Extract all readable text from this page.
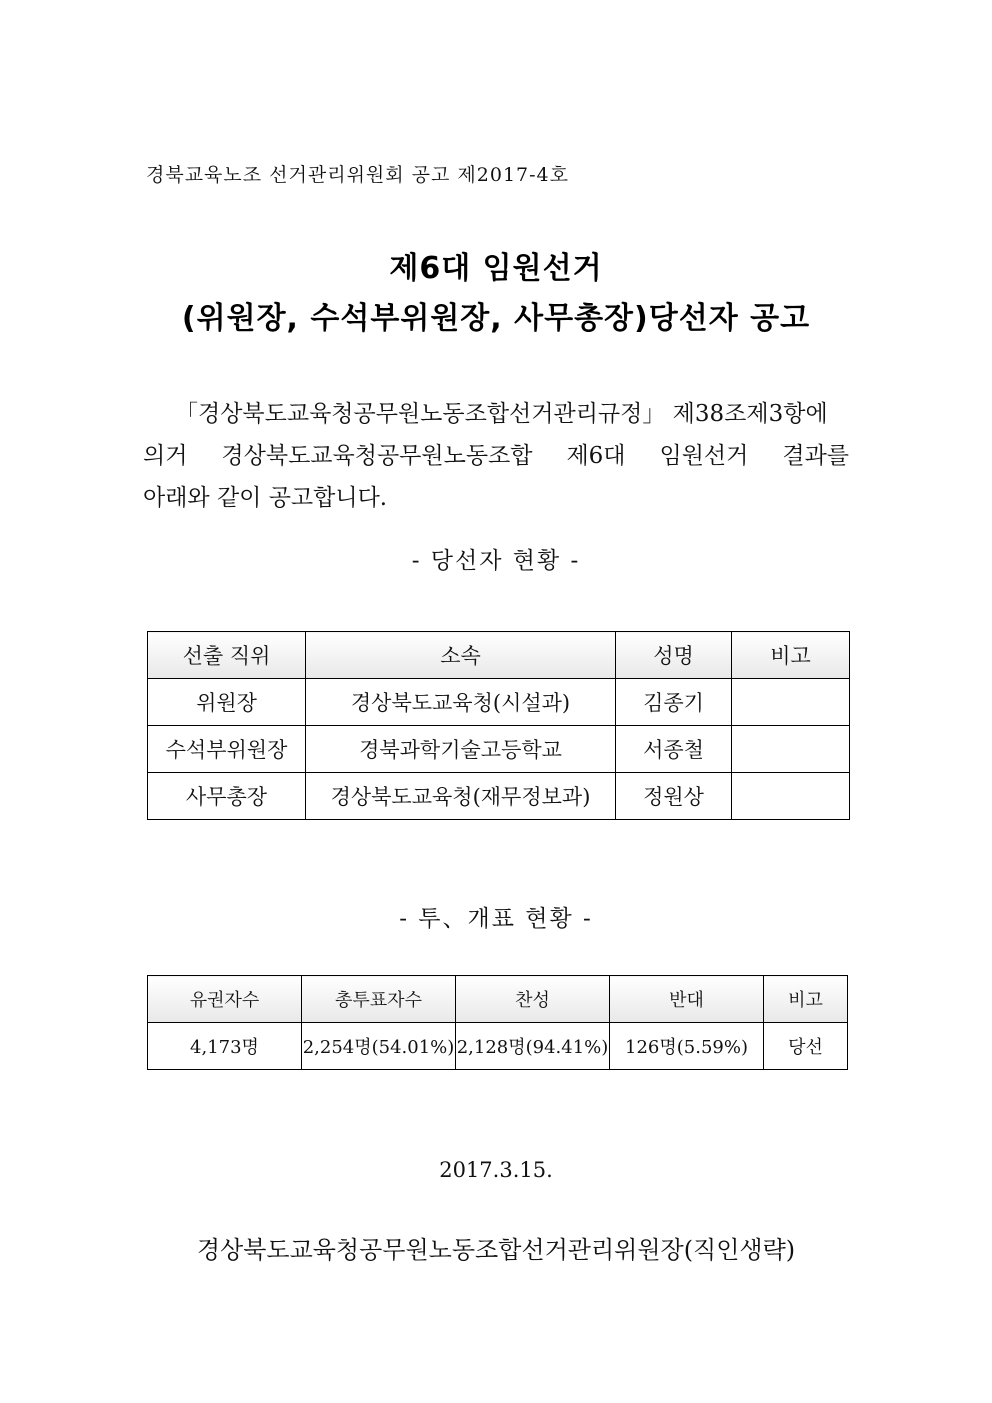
경북교육노조 선거관리위원회 공고 제2017-4호
제6대 임원선거
(위원장, 수석부위원장, 사무총장)당선자 공고
「경상북도교육청공무원노동조합선거관리규정」 제38조제3항에
의거 경상북도교육청공무원노동조합 제6대 임원선거 결과를
아래와 같이 공고합니다.
- 당선자 현황 -
선출 직위	소속	성명	비고
위원장	경상북도교육청(시설과)	김종기	
수석부위원장	경북과학기술고등학교	서종철	
사무총장	경상북도교육청(재무정보과)	정원상	
- 투、개표 현황 -
유권자수	총투표자수	찬성	반대	비고
4,173명	2,254명(54.01%)	2,128명(94.41%)	126명(5.59%)	당선
2017.3.15.
경상북도교육청공무원노동조합선거관리위원장(직인생략)
